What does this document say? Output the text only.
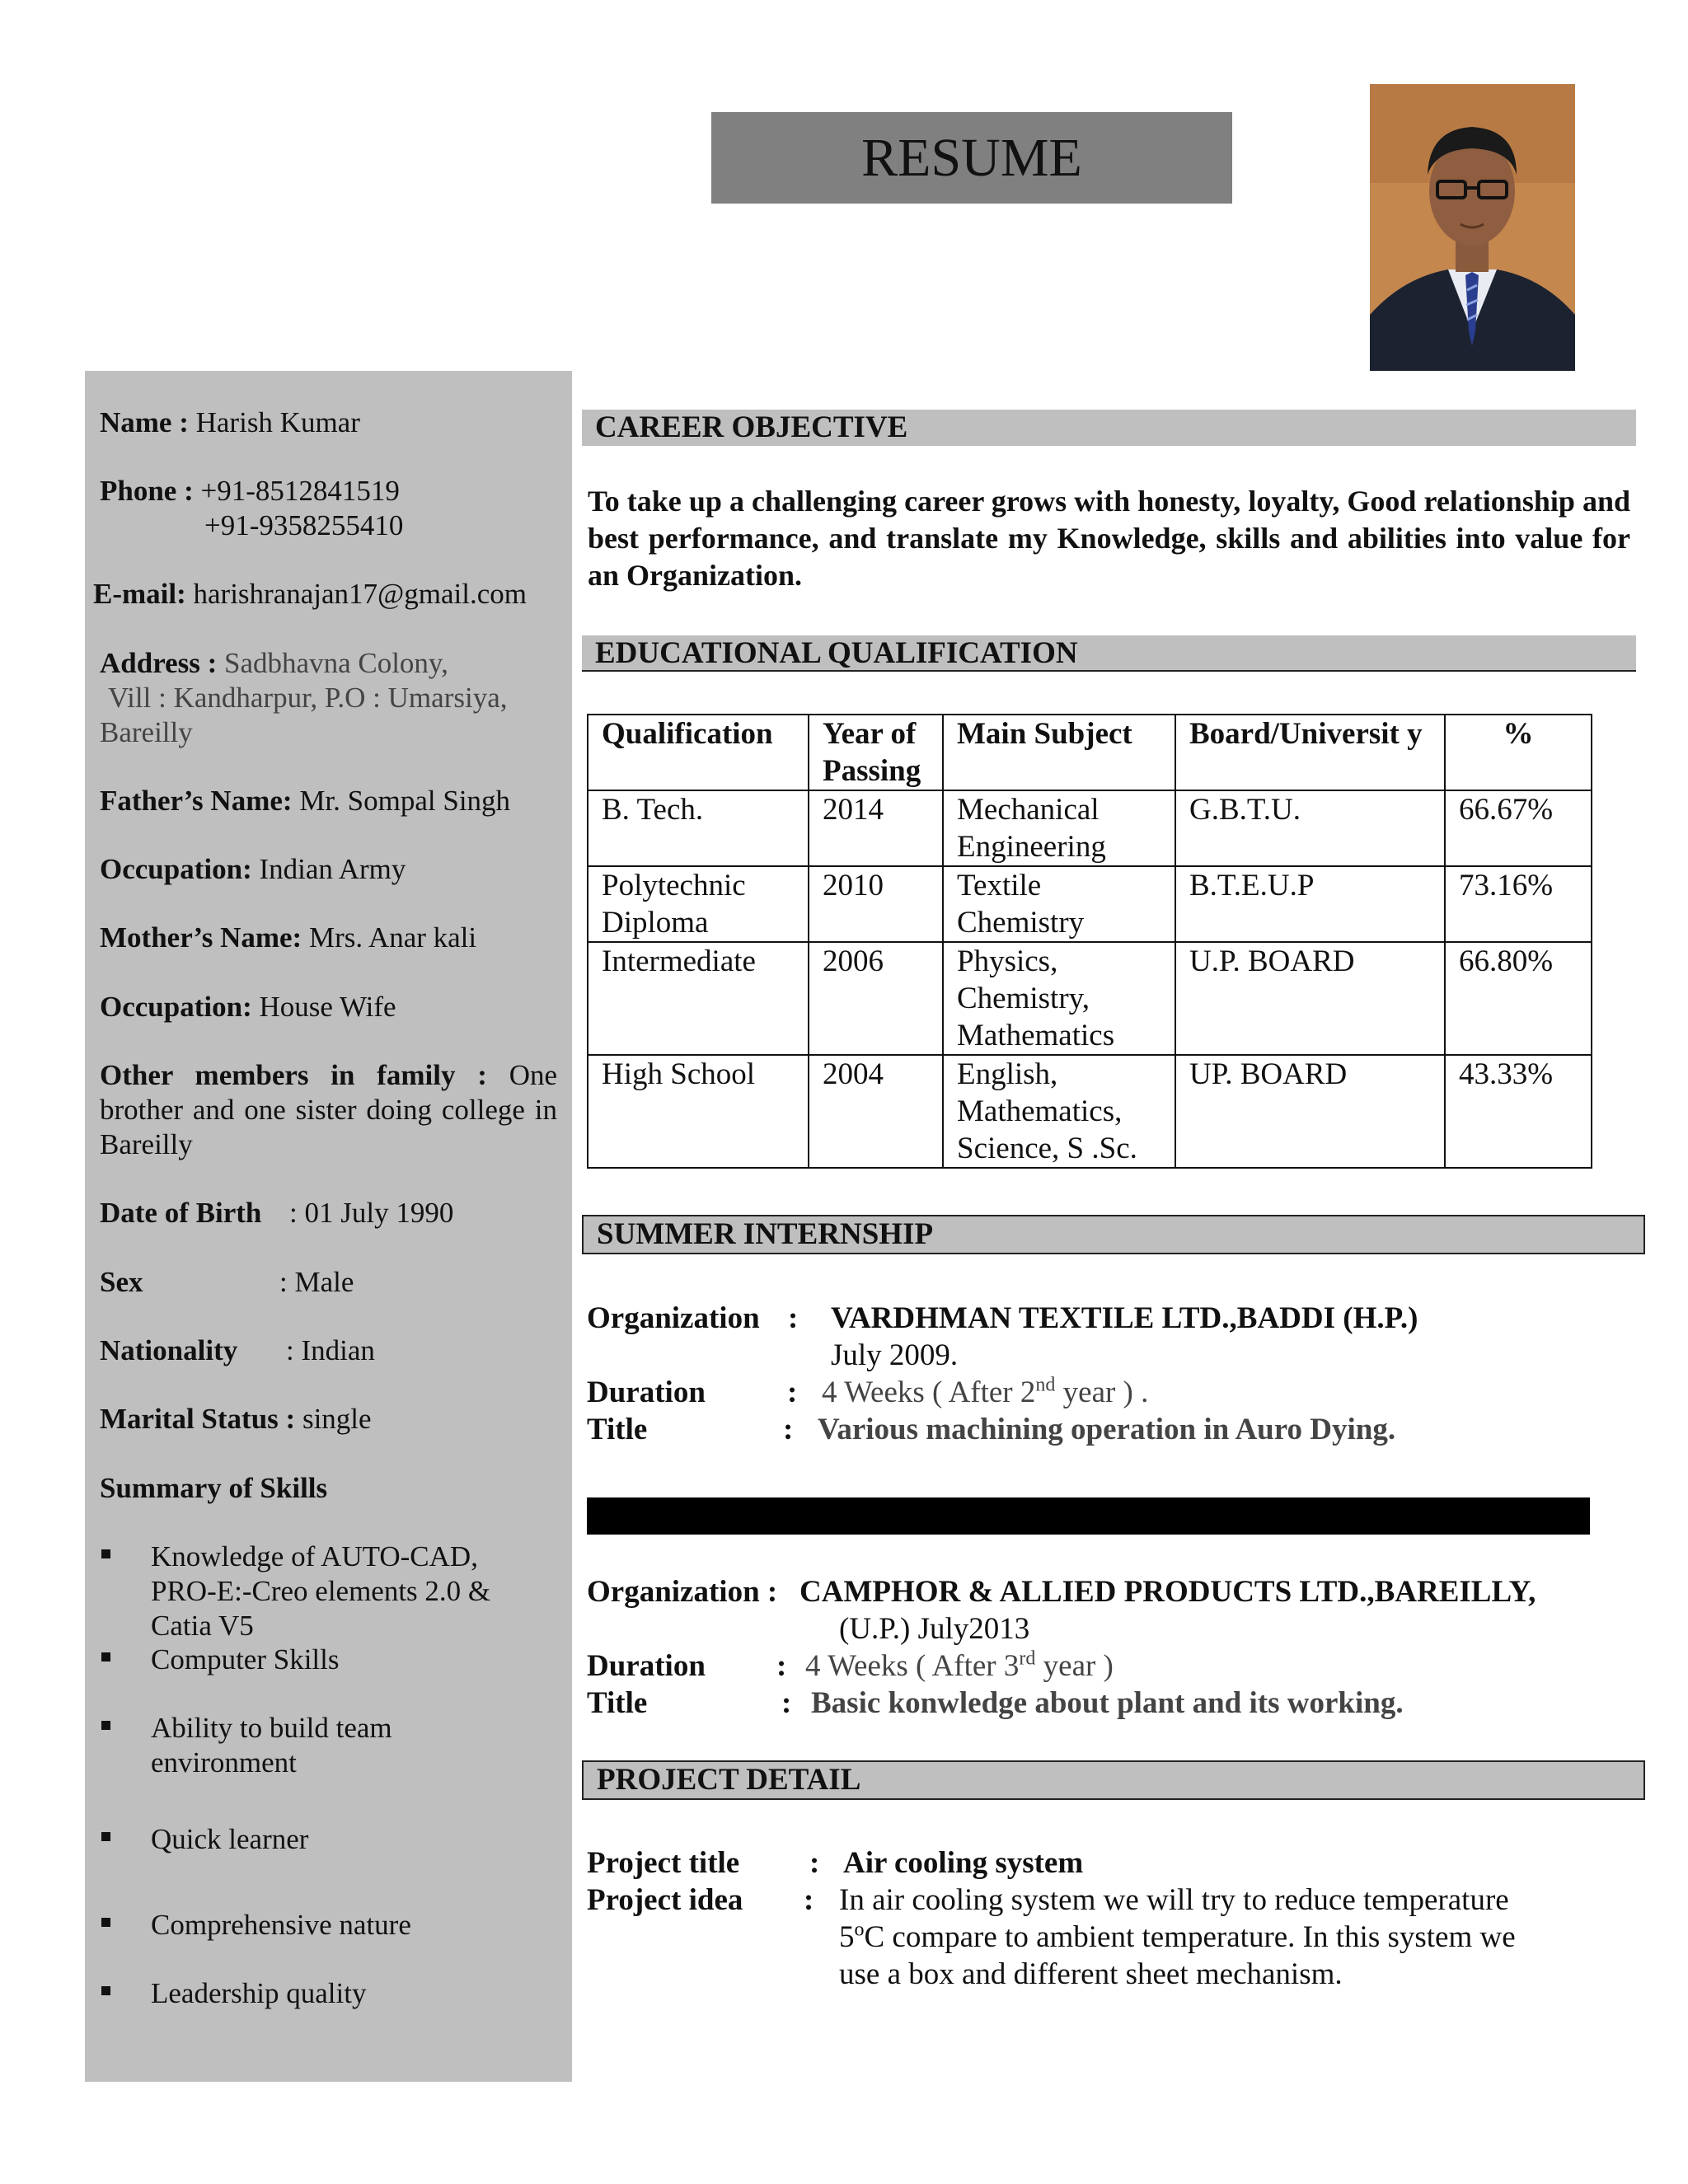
RESUME
Name : Harish Kumar
Phone : +91-8512841519
+91-9358255410
E-mail: harishranajan17@gmail.com
Address : Sadbhavna Colony,
Vill : Kandharpur, P.O : Umarsiya,
Bareilly
Father’s Name: Mr. Sompal Singh
Occupation: Indian Army
Mother’s Name: Mrs. Anar kali
Occupation: House Wife
Other members in family : One brother and one sister doing college in Bareilly
Date of Birth : 01 July 1990
Sex	: Male
Nationality : Indian
Marital Status : single
Summary of Skills
Knowledge of AUTO-CAD, PRO-E:-Creo elements 2.0 & Catia V5
Computer Skills
Ability to build team environment
Quick learner
Comprehensive nature
Leadership quality
CAREER OBJECTIVE
To take up a challenging career grows with honesty, loyalty, Good relationship and best performance, and translate my Knowledge, skills and abilities into value for an Organization.
EDUCATIONAL QUALIFICATION
Qualification	Year of Passing	Main Subject	Board/Universit y	%
B. Tech.	2014	Mechanical Engineering	G.B.T.U.	66.67%
Polytechnic Diploma	2010	Textile Chemistry	B.T.E.U.P	73.16%
Intermediate	2006	Physics, Chemistry, Mathematics	U.P. BOARD	66.80%
High School	2004	English, Mathematics, Science, S .Sc.	UP. BOARD	43.33%
SUMMER INTERNSHIP
Organization : VARDHMAN TEXTILE LTD.,BADDI (H.P.)
July 2009.
Duration	: 4 Weeks ( After 2nd year ) .
Title	: Various machining operation in Auro Dying.
Organization : CAMPHOR & ALLIED PRODUCTS LTD.,BAREILLY,
(U.P.) July2013
Duration : 4 Weeks ( After 3rd year )
Title	: Basic konwledge about plant and its working.
PROJECT DETAIL
Project title : Air cooling system
Project idea : In air cooling system we will try to reduce temperature
5$^o$C compare to ambient temperature. In this system we
use a box and different sheet mechanism.
